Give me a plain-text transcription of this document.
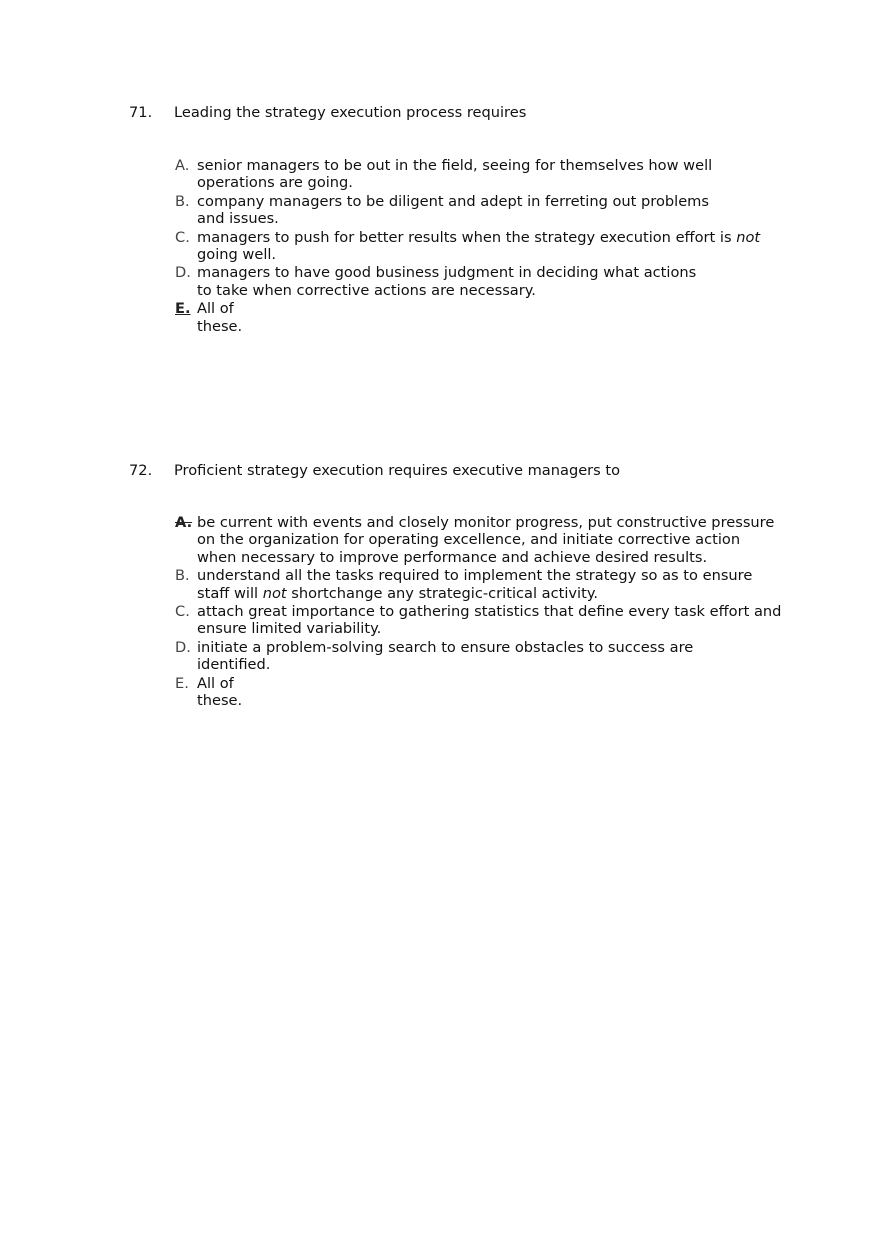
71. Leading the strategy execution process requires
A. senior managers to be out in the field, seeing for themselves how well operations are going.
B. company managers to be diligent and adept in ferreting out problems and issues.
C. managers to push for better results when the strategy execution effort is not going well.
D. managers to have good business judgment in deciding what actions to take when corrective actions are necessary.
E. All of these.
72. Proficient strategy execution requires executive managers to
A. be current with events and closely monitor progress, put constructive pressure on the organization for operating excellence, and initiate corrective action when necessary to improve performance and achieve desired results.
B. understand all the tasks required to implement the strategy so as to ensure staff will not shortchange any strategic-critical activity.
C. attach great importance to gathering statistics that define every task effort and ensure limited variability.
D. initiate a problem-solving search to ensure obstacles to success are identified.
E. All of these.
